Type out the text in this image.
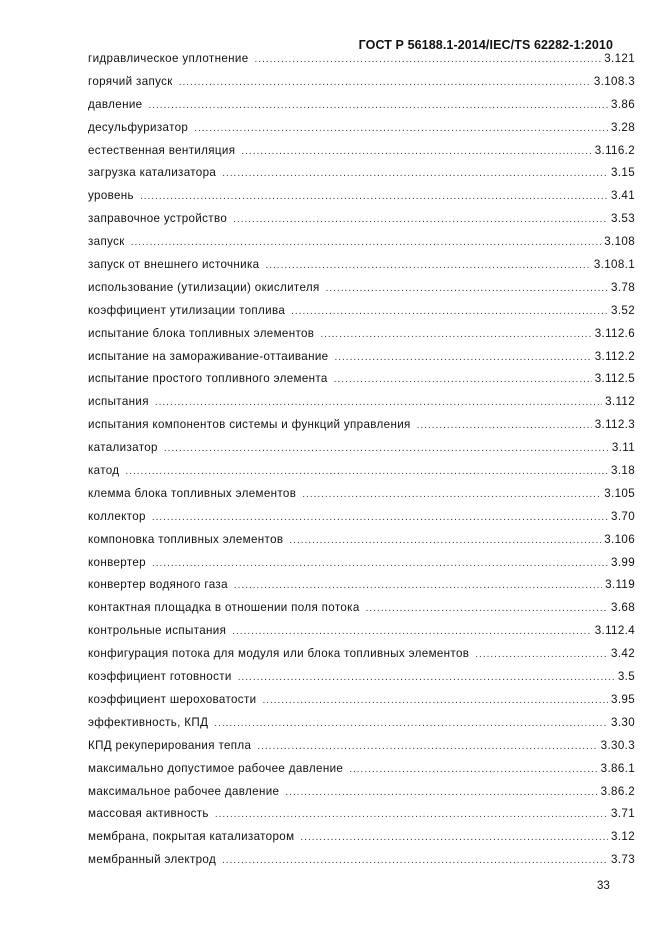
ГОСТ Р 56188.1-2014/IEC/TS 62282-1:2010
гидравлическое уплотнение .....	3.121
горячий запуск .....	3.108.3
давление .....	3.86
десульфуризатор .....	3.28
естественная вентиляция .....	3.116.2
загрузка катализатора .....	3.15
уровень .....	3.41
заправочное устройство .....	3.53
запуск .....	3.108
запуск от внешнего источника .....	3.108.1
использование (утилизации) окислителя .....	3.78
коэффициент утилизации топлива .....	3.52
испытание блока топливных элементов .....	3.112.6
испытание на замораживание-оттаивание .....	3.112.2
испытание простого топливного элемента .....	3.112.5
испытания .....	3.112
испытания компонентов системы и функций управления .....	3.112.3
катализатор .....	3.11
катод .....	3.18
клемма блока топливных элементов .....	3.105
коллектор .....	3.70
компоновка топливных элементов .....	3.106
конвертер .....	3.99
конвертер водяного газа .....	3.119
контактная площадка в отношении поля потока .....	3.68
контрольные испытания .....	3.112.4
конфигурация потока для модуля или блока топливных элементов .....	3.42
коэффициент готовности .....	3.5
коэффициент шероховатости .....	3.95
эффективность, КПД .....	3.30
КПД рекуперирования тепла .....	3.30.3
максимально допустимое рабочее давление .....	3.86.1
максимальное рабочее давление .....	3.86.2
массовая активность .....	3.71
мембрана, покрытая катализатором .....	3.12
мембранный электрод .....	3.73
33
